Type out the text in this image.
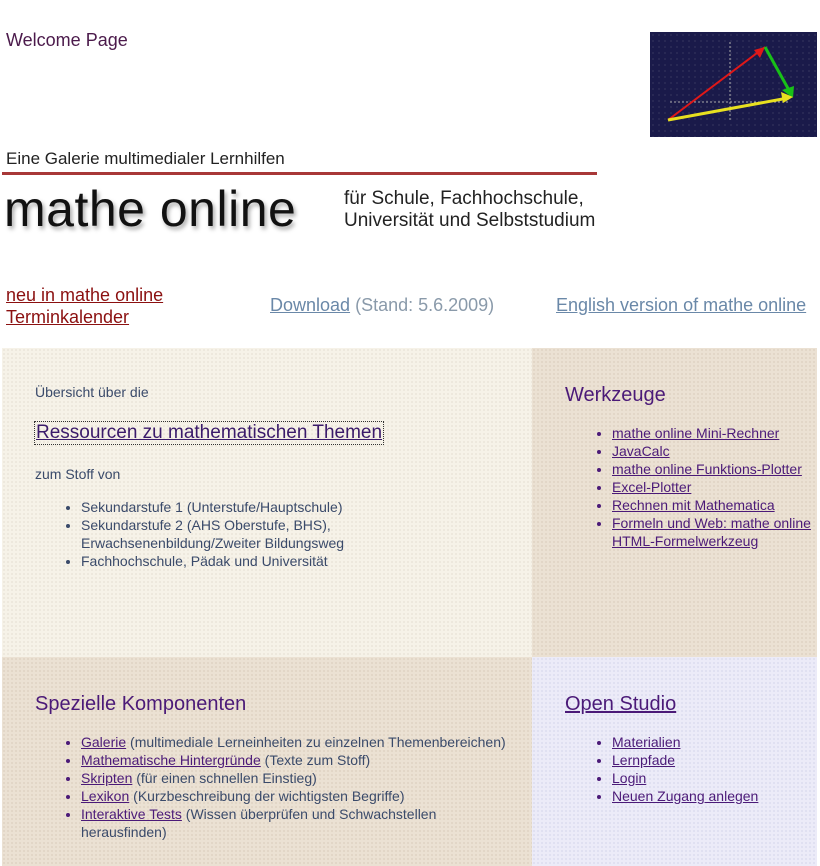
Welcome Page
Eine Galerie multimedialer Lernhilfen
mathe online	für Schule, Fachhochschule,
Universität und Selbststudium
neu in mathe online
Terminkalender
Download (Stand: 5.6.2009)	English version of mathe online
Übersicht über die
Ressourcen zu mathematischen Themen
zum Stoff von
• Sekundarstufe 1 (Unterstufe/Hauptschule)
• Sekundarstufe 2 (AHS Oberstufe, BHS), Erwachsenenbildung/Zweiter Bildungsweg
• Fachhochschule, Pädak und Universität
Werkzeuge
• mathe online Mini-Rechner
• JavaCalc
• mathe online Funktions-Plotter
• Excel-Plotter
• Rechnen mit Mathematica
• Formeln und Web: mathe online HTML-Formelwerkzeug
Spezielle Komponenten
• Galerie (multimediale Lerneinheiten zu einzelnen Themenbereichen)
• Mathematische Hintergründe (Texte zum Stoff)
• Skripten (für einen schnellen Einstieg)
• Lexikon (Kurzbeschreibung der wichtigsten Begriffe)
• Interaktive Tests (Wissen überprüfen und Schwachstellen herausfinden)
Open Studio
• Materialien
• Lernpfade
• Login
• Neuen Zugang anlegen
